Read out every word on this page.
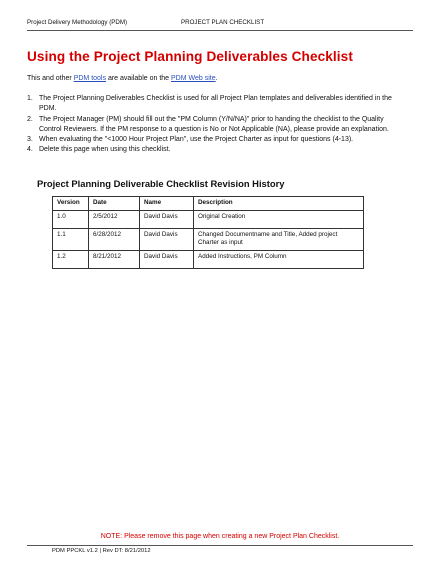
Project Delivery Methodology (PDM)	PROJECT PLAN CHECKLIST
Using the Project Planning Deliverables Checklist
This and other PDM tools are available on the PDM Web site.
1. The Project Planning Deliverables Checklist is used for all Project Plan templates and deliverables identified in the PDM.
2. The Project Manager (PM) should fill out the "PM Column (Y/N/NA)" prior to handing the checklist to the Quality Control Reviewers. If the PM response to a question is No or Not Applicable (NA), please provide an explanation.
3. When evaluating the "<1000 Hour Project Plan", use the Project Charter as input for questions (4-13).
4. Delete this page when using this checklist.
Project Planning Deliverable Checklist Revision History
Version	Date	Name	Description
1.0	2/5/2012	David Davis	Original Creation
1.1	6/28/2012	David Davis	Changed Documentname and Title, Added project Charter as input
1.2	8/21/2012	David Davis	Added Instructions, PM Column
NOTE: Please remove this page when creating a new Project Plan Checklist.
PDM PPCKL v1.2 | Rev DT: 8/21/2012
